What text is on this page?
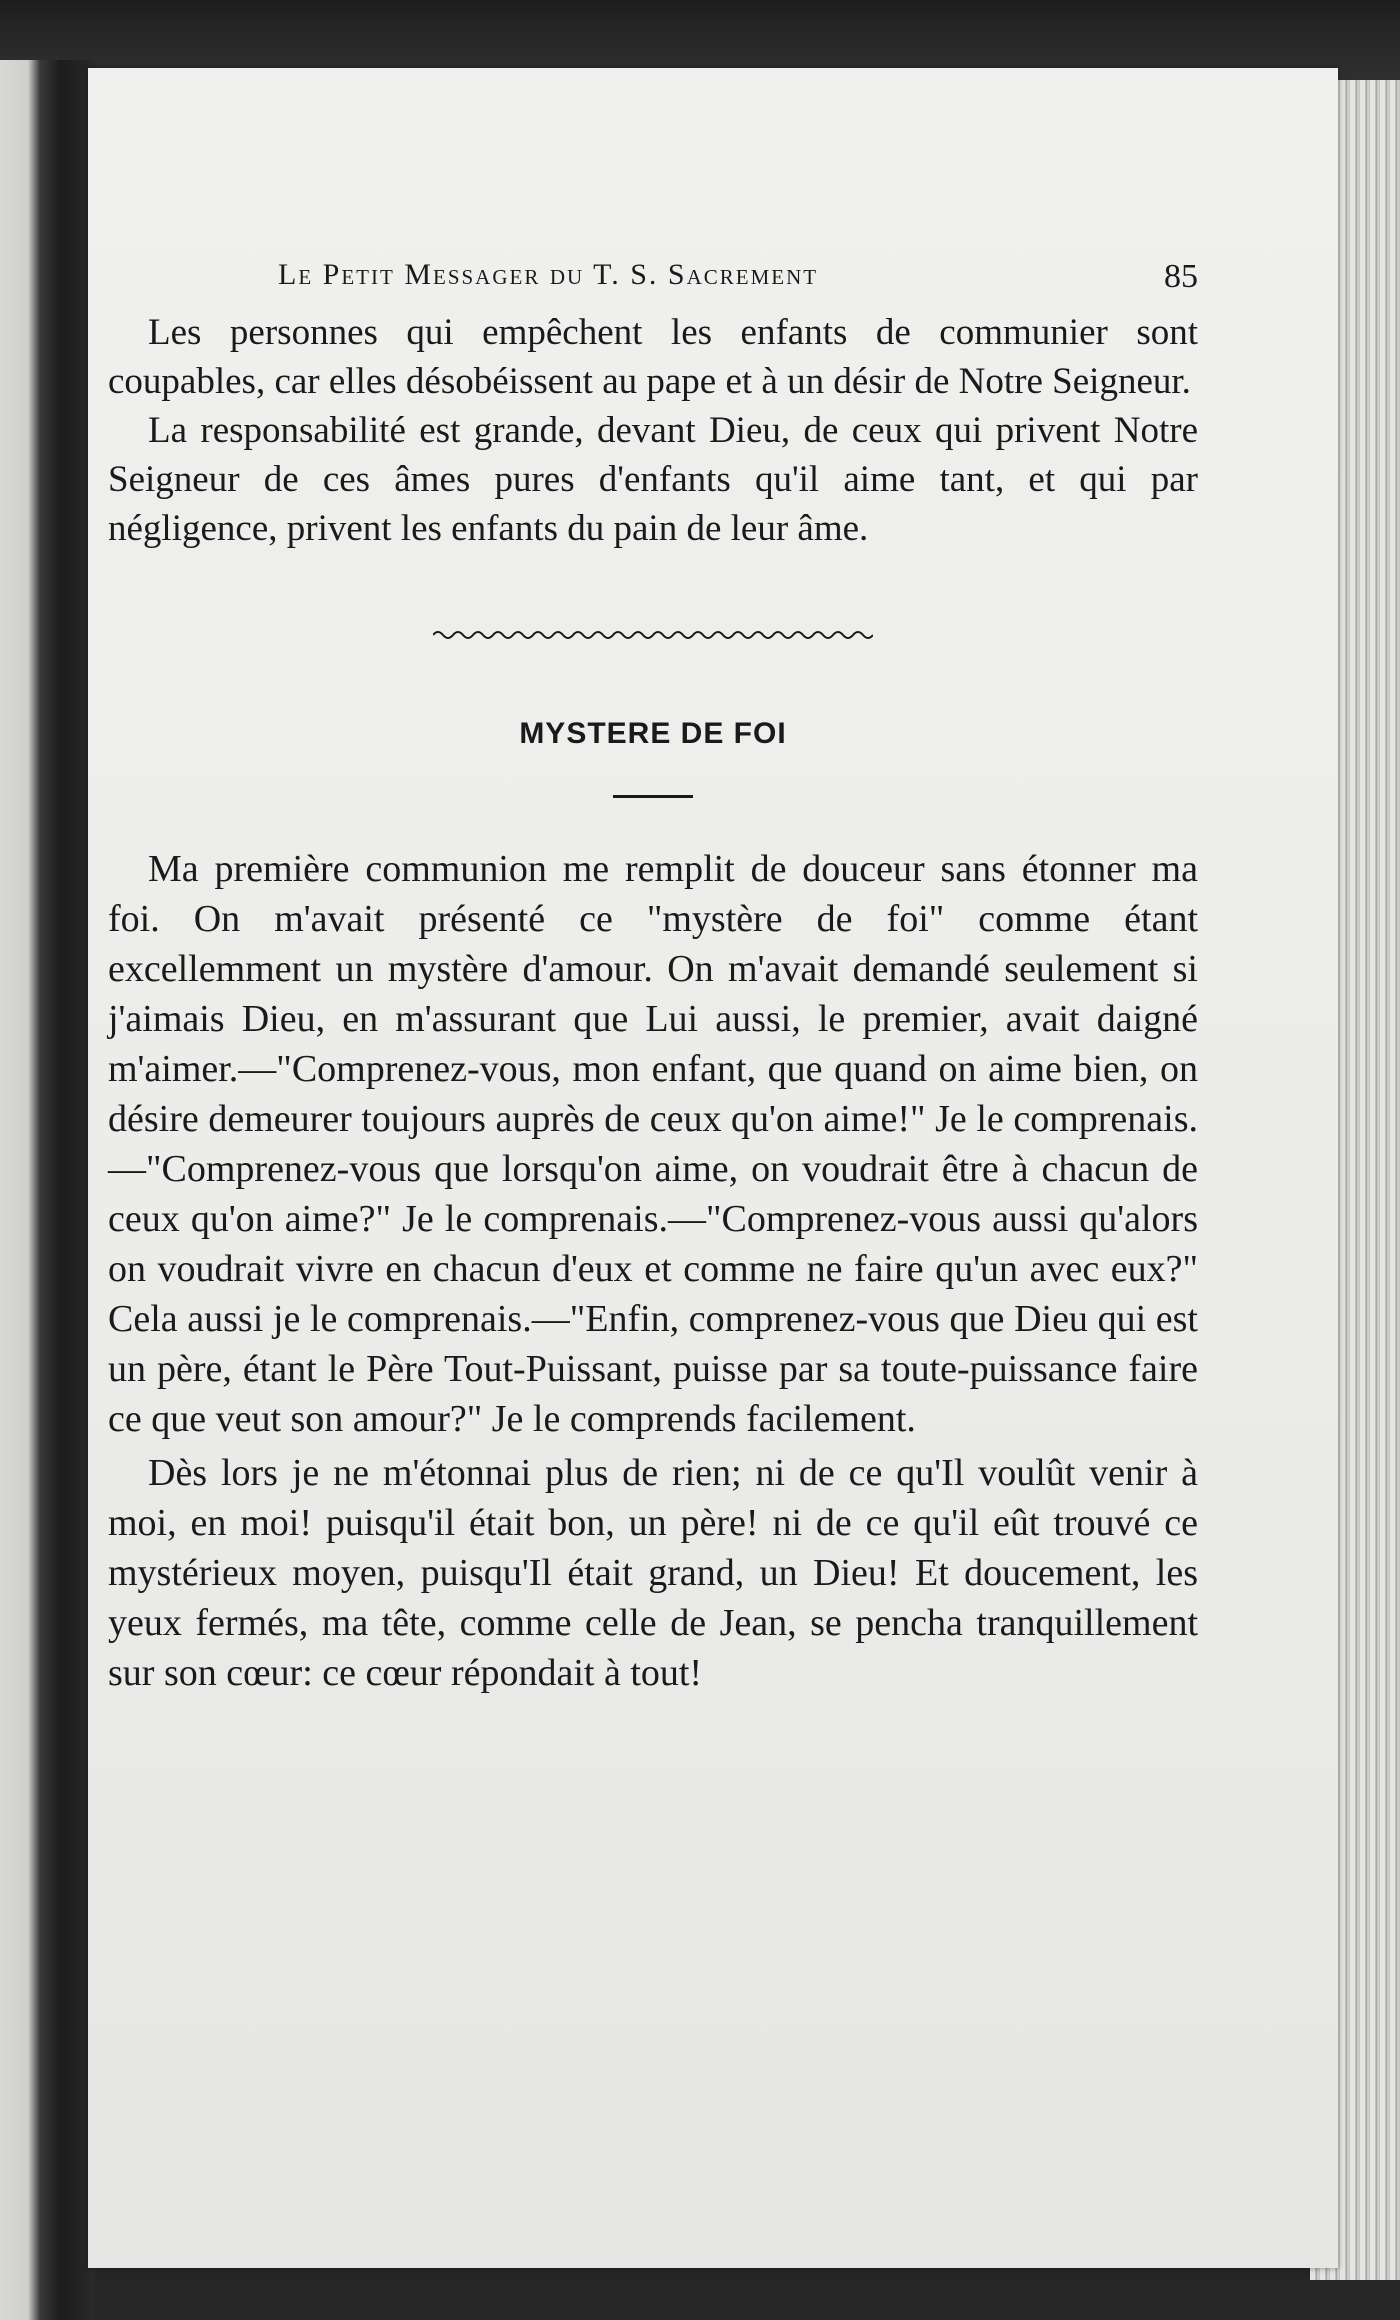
Le Petit Messager du T. S. Sacrement	85

Les personnes qui empêchent les enfants de communier sont coupables, car elles désobéissent au pape et à un désir de Notre Seigneur.

La responsabilité est grande, devant Dieu, de ceux qui privent Notre Seigneur de ces âmes pures d'enfants qu'il aime tant, et qui par négligence, privent les enfants du pain de leur âme.

MYSTERE DE FOI

Ma première communion me remplit de douceur sans étonner ma foi. On m'avait présenté ce "mystère de foi" comme étant excellemment un mystère d'amour. On m'avait demandé seulement si j'aimais Dieu, en m'assurant que Lui aussi, le premier, avait daigné m'aimer.—"Comprenez-vous, mon enfant, que quand on aime bien, on désire demeurer toujours auprès de ceux qu'on aime!" Je le comprenais.—"Comprenez-vous que lorsqu'on aime, on voudrait être à chacun de ceux qu'on aime?" Je le comprenais.—"Comprenez-vous aussi qu'alors on voudrait vivre en chacun d'eux et comme ne faire qu'un avec eux?" Cela aussi je le comprenais.—"Enfin, comprenez-vous que Dieu qui est un père, étant le Père Tout-Puissant, puisse par sa toute-puissance faire ce que veut son amour?" Je le comprends facilement.

Dès lors je ne m'étonnai plus de rien; ni de ce qu'Il voulût venir à moi, en moi! puisqu'il était bon, un père! ni de ce qu'il eût trouvé ce mystérieux moyen, puisqu'Il était grand, un Dieu! Et doucement, les yeux fermés, ma tête, comme celle de Jean, se pencha tranquillement sur son cœur: ce cœur répondait à tout!
